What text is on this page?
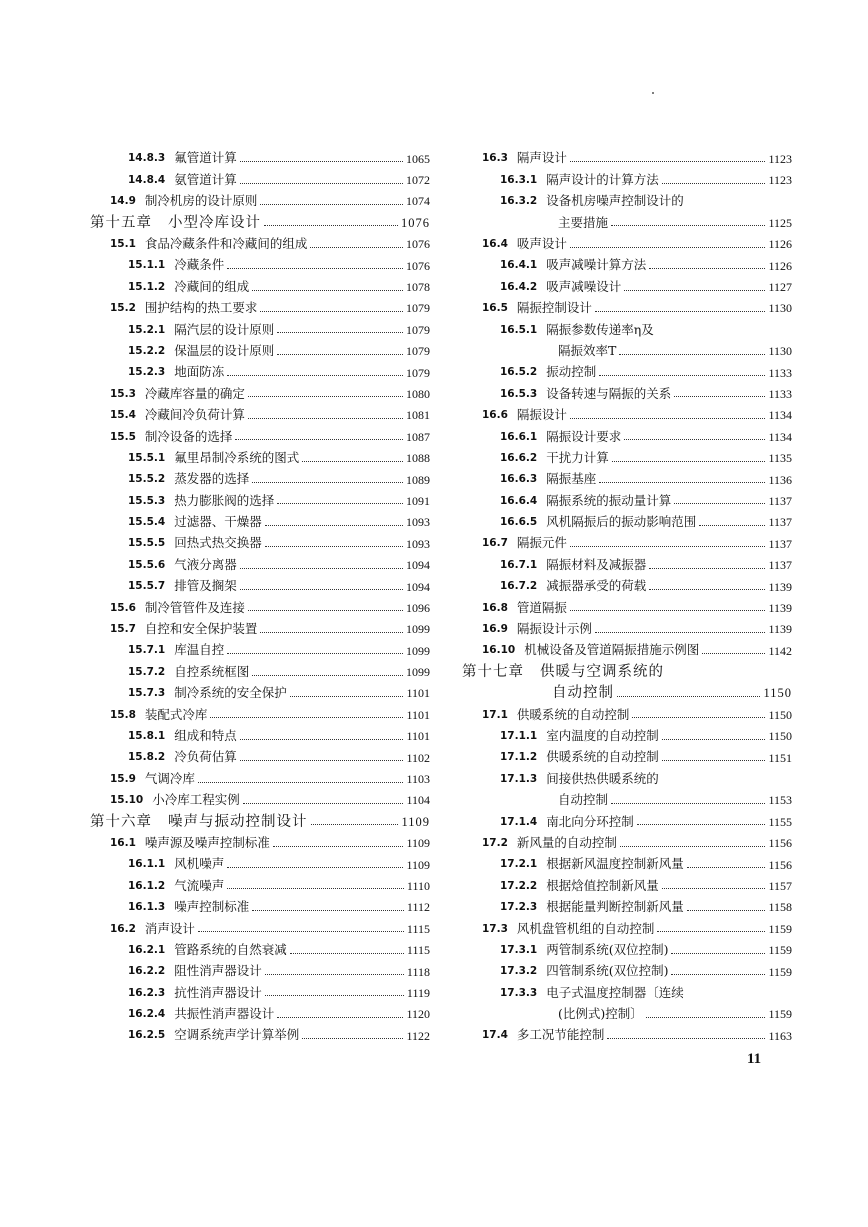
14.8.3 氟管道计算	1065
14.8.4 氨管道计算	1072
14.9 制冷机房的设计原则	1074
第十五章 小型冷库设计	1076
15.1 食品冷藏条件和冷藏间的组成	1076
15.1.1 冷藏条件	1076
15.1.2 冷藏间的组成	1078
15.2 围护结构的热工要求	1079
15.2.1 隔汽层的设计原则	1079
15.2.2 保温层的设计原则	1079
15.2.3 地面防冻	1079
15.3 冷藏库容量的确定	1080
15.4 冷藏间冷负荷计算	1081
15.5 制冷设备的选择	1087
15.5.1 氟里昂制冷系统的图式	1088
15.5.2 蒸发器的选择	1089
15.5.3 热力膨胀阀的选择	1091
15.5.4 过滤器、干燥器	1093
15.5.5 回热式热交换器	1093
15.5.6 气液分离器	1094
15.5.7 排管及搁架	1094
15.6 制冷管管件及连接	1096
15.7 自控和安全保护装置	1099
15.7.1 库温自控	1099
15.7.2 自控系统框图	1099
15.7.3 制冷系统的安全保护	1101
15.8 装配式冷库	1101
15.8.1 组成和特点	1101
15.8.2 冷负荷估算	1102
15.9 气调冷库	1103
15.10 小冷库工程实例	1104
第十六章 噪声与振动控制设计	1109
16.1 噪声源及噪声控制标准	1109
16.1.1 风机噪声	1109
16.1.2 气流噪声	1110
16.1.3 噪声控制标准	1112
16.2 消声设计	1115
16.2.1 管路系统的自然衰减	1115
16.2.2 阻性消声器设计	1118
16.2.3 抗性消声器设计	1119
16.2.4 共振性消声器设计	1120
16.2.5 空调系统声学计算举例	1122
16.3 隔声设计	1123
16.3.1 隔声设计的计算方法	1123
16.3.2 设备机房噪声控制设计的
主要措施	1125
16.4 吸声设计	1126
16.4.1 吸声减噪计算方法	1126
16.4.2 吸声减噪设计	1127
16.5 隔振控制设计	1130
16.5.1 隔振参数传递率η及
隔振效率T	1130
16.5.2 振动控制	1133
16.5.3 设备转速与隔振的关系	1133
16.6 隔振设计	1134
16.6.1 隔振设计要求	1134
16.6.2 干扰力计算	1135
16.6.3 隔振基座	1136
16.6.4 隔振系统的振动量计算	1137
16.6.5 风机隔振后的振动影响范围	1137
16.7 隔振元件	1137
16.7.1 隔振材料及减振器	1137
16.7.2 减振器承受的荷载	1139
16.8 管道隔振	1139
16.9 隔振设计示例	1139
16.10 机械设备及管道隔振措施示例图	1142
第十七章 供暖与空调系统的
自动控制	1150
17.1 供暖系统的自动控制	1150
17.1.1 室内温度的自动控制	1150
17.1.2 供暖系统的自动控制	1151
17.1.3 间接供热供暖系统的
自动控制	1153
17.1.4 南北向分环控制	1155
17.2 新风量的自动控制	1156
17.2.1 根据新风温度控制新风量	1156
17.2.2 根据焓值控制新风量	1157
17.2.3 根据能量判断控制新风量	1158
17.3 风机盘管机组的自动控制	1159
17.3.1 两管制系统(双位控制)	1159
17.3.2 四管制系统(双位控制)	1159
17.3.3 电子式温度控制器〔连续
(比例式)控制〕	1159
17.4 多工况节能控制	1163
11
